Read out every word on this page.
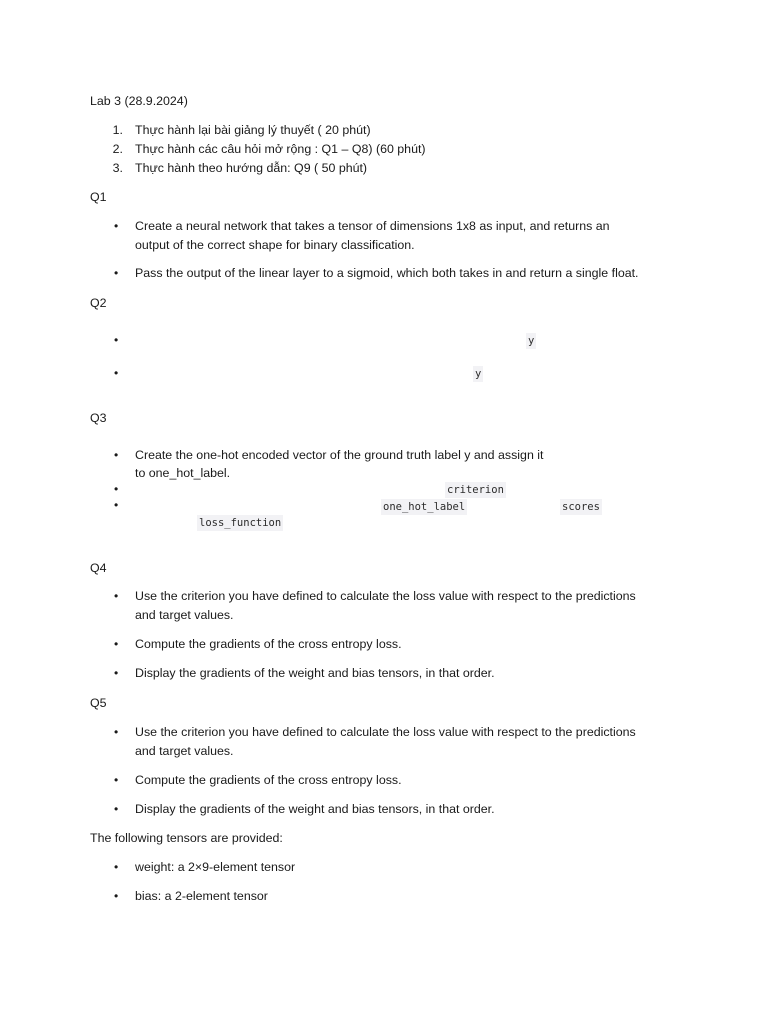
Lab 3 (28.9.2024)
1. Thực hành lại bài giảng lý thuyết ( 20 phút)
2. Thực hành các câu hỏi mở rộng : Q1 – Q8) (60 phút)
3. Thực hành theo hướng dẫn: Q9 ( 50 phút)
Q1
• Create a neural network that takes a tensor of dimensions 1x8 as input, and returns an
output of the correct shape for binary classification.
• Pass the output of the linear layer to a sigmoid, which both takes in and return a single float.
Q2
•	y
•	y
Q3
• Create the one-hot encoded vector of the ground truth label y and assign it
to one_hot_label.
•	criterion
•	one_hot_label	scores
loss_function
Q4
• Use the criterion you have defined to calculate the loss value with respect to the predictions
and target values.
• Compute the gradients of the cross entropy loss.
• Display the gradients of the weight and bias tensors, in that order.
Q5
• Use the criterion you have defined to calculate the loss value with respect to the predictions
and target values.
• Compute the gradients of the cross entropy loss.
• Display the gradients of the weight and bias tensors, in that order.
The following tensors are provided:
• weight: a 2×9-element tensor
• bias: a 2-element tensor
